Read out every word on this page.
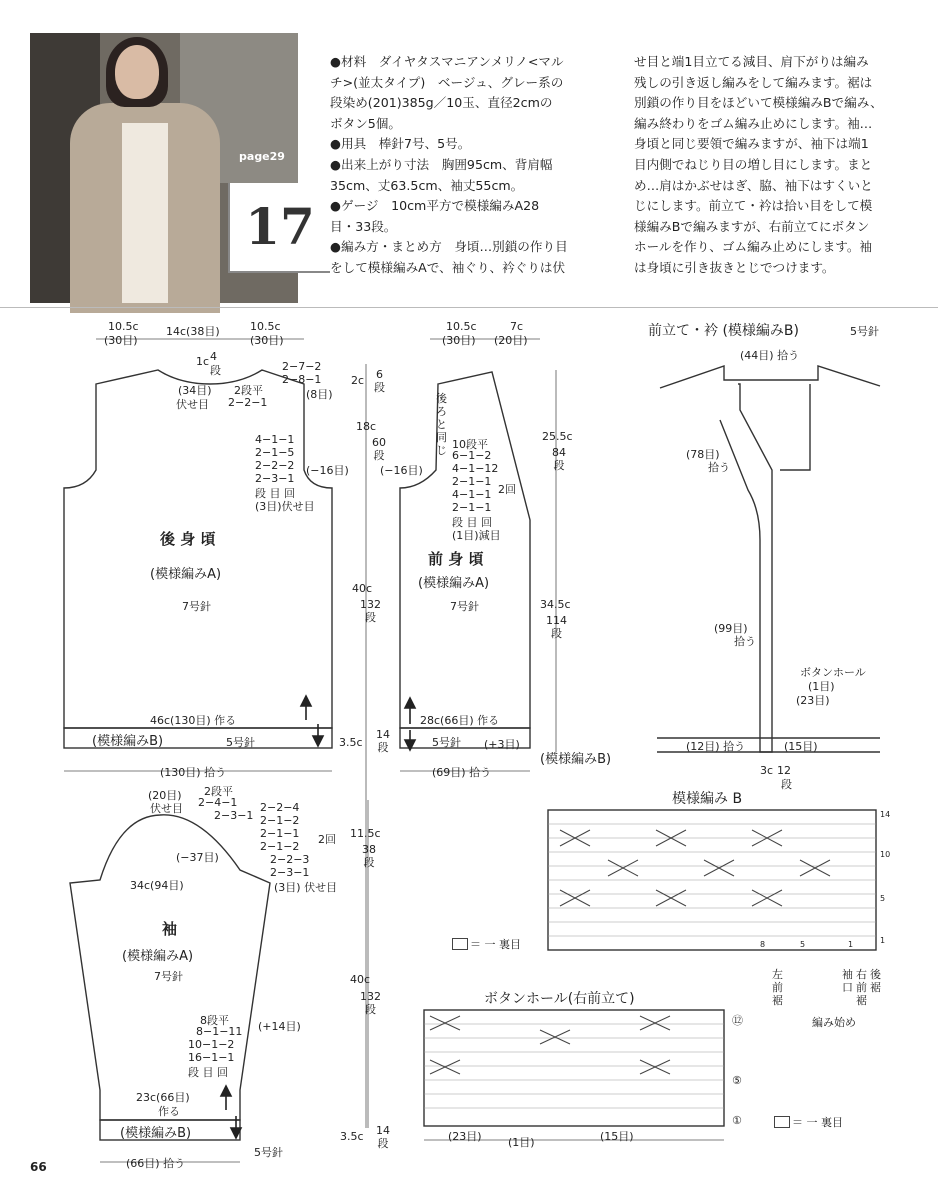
page29
17
●材料　ダイヤタスマニアンメリノ<マル
チ>(並太タイプ)　ベージュ、グレー系の
段染め(201)385g／10玉、直径2cmの
ボタン5個。
●用具　棒針7号、5号。
●出来上がり寸法　胸囲95cm、背肩幅
35cm、丈63.5cm、袖丈55cm。
●ゲージ　10cm平方で模様編みA28
目・33段。
●編み方・まとめ方　身頃…別鎖の作り目
をして模様編みAで、袖ぐり、衿ぐりは伏
せ目と端1目立てる減目、肩下がりは編み
残しの引き返し編みをして編みます。裾は
別鎖の作り目をほどいて模様編みBで編み、
編み終わりをゴム編み止めにします。袖…
身頃と同じ要領で編みますが、袖下は端1
目内側でねじり目の増し目にします。まと
め…肩はかぶせはぎ、脇、袖下はすくいと
じにします。前立て・衿は拾い目をして模
様編みBで編みますが、右前立てにボタン
ホールを作り、ゴム編み止めにします。袖
は身頃に引き抜きとじでつけます。
10.5c 14c(38目)	10.5c
(30目)	(30目)
1c 4
段
(34目)
伏せ目
2段平
2−2−1
2−7−2
2−8−1
(8目)
2c 6
段
18c
60
段
4−1−1
2−1−5
2−2−2
2−3−1
段 目 回
(3目)伏せ目
(−16目)
後 身 頃
(模様編みA)
7号針
40c
132
段
46c(130目) 作る
(模様編みB)	5号針	3.5c
14
段
(130目) 拾う
10.5c	7c
(30目) (20目)
後
ろ
と
同
じ
(−16目)
10段平
6−1−2
4−1−12
2−1−1
2回
4−1−1
2−1−1
段 目 回
(1目)減目
25.5c
84
段
前 身 頃
(模様編みA)
7号針	34.5c
114
段
28c(66目) 作る
5号針 (+3目)
(模様編みB)
(69目) 拾う
前立て・衿 (模様編みB)	5号針
(44目) 拾う
(78目)
拾う
(99目)
拾う
ボタンホール
(1目)
(23目)
(12目) 拾う	(15目)
3c 12
段
(20目)
伏せ目
2段平
2−4−1
2−3−1
2−2−4
2−1−2
2−1−1 2回
2−1−2
2−2−3
2−3−1
(3目) 伏せ目
(−37目)
11.5c
38
段
34c(94目)
袖
(模様編みA)
7号針
8段平
8−1−11
10−1−2
16−1−1
段 目 回
(+14目)
40c
132
段
23c(66目)
作る
(模様編みB)
5号針
3.5c 14
段
(66目) 拾う
模様編み B
14
10
5
1
8	5	1
＝ 一 裏目
左
前
裾
袖
口
右
前
裾
後
裾
編み始め
ボタンホール(右前立て)
⑫
⑤
①	＝ 一 裏目
(23目) (1目)	(15目)
66
